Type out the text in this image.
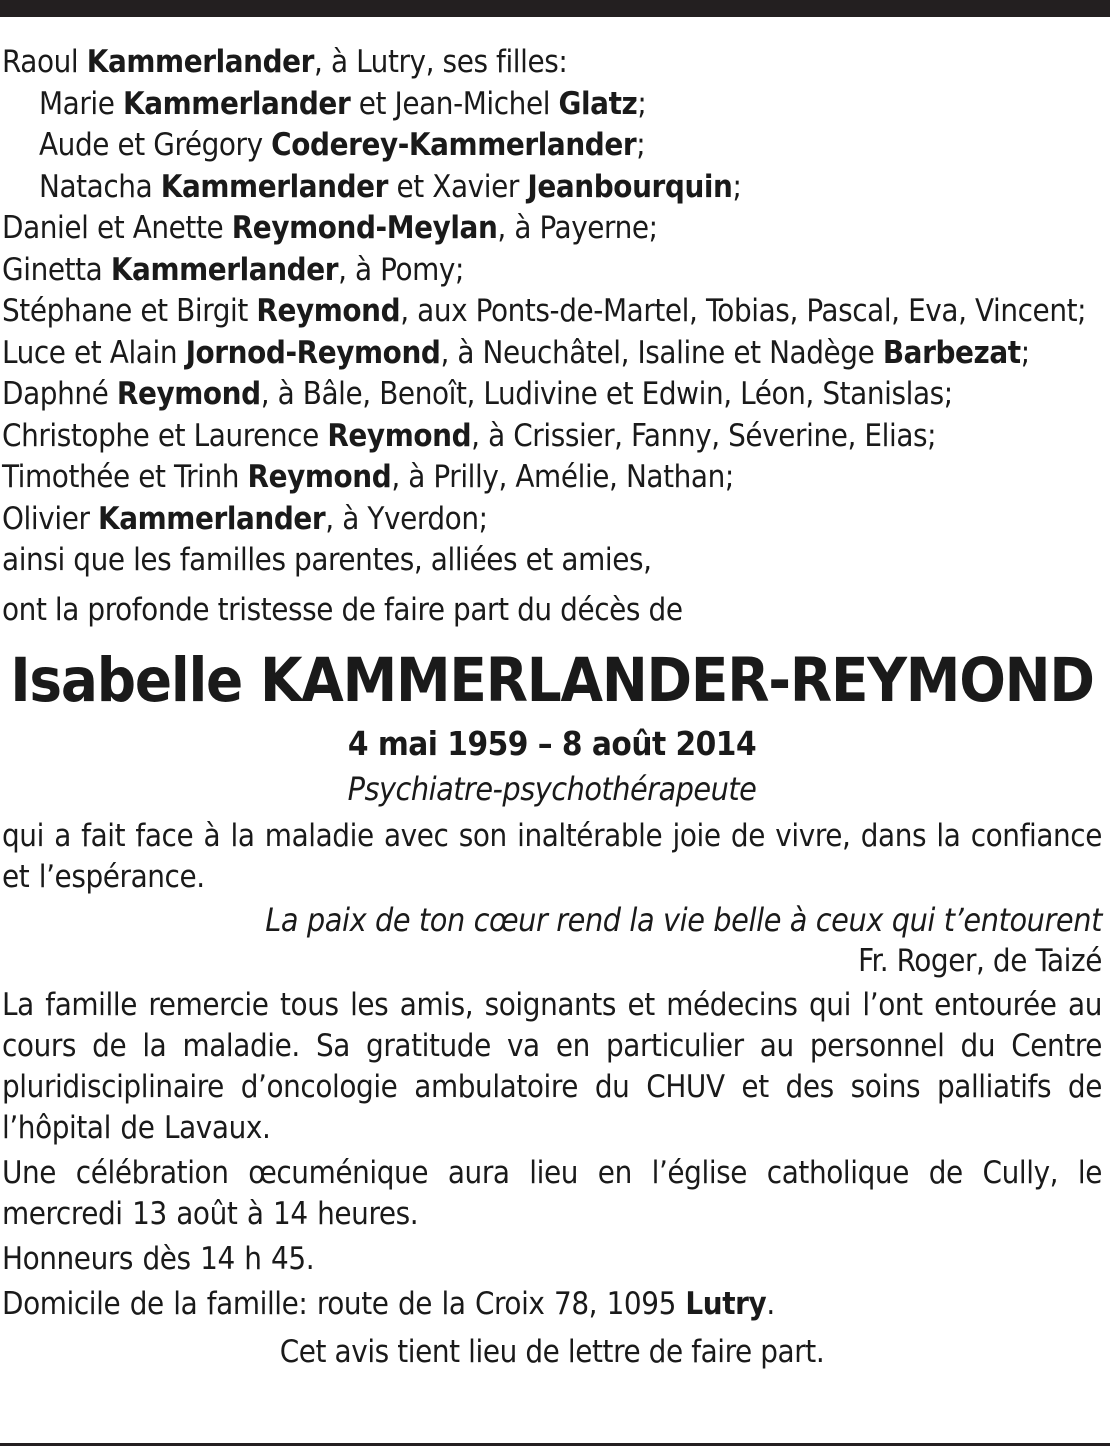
Raoul Kammerlander, à Lutry, ses filles:
Marie Kammerlander et Jean-Michel Glatz;
Aude et Grégory Coderey-Kammerlander;
Natacha Kammerlander et Xavier Jeanbourquin;
Daniel et Anette Reymond-Meylan, à Payerne;
Ginetta Kammerlander, à Pomy;
Stéphane et Birgit Reymond, aux Ponts-de-Martel, Tobias, Pascal, Eva, Vincent;
Luce et Alain Jornod-Reymond, à Neuchâtel, Isaline et Nadège Barbezat;
Daphné Reymond, à Bâle, Benoît, Ludivine et Edwin, Léon, Stanislas;
Christophe et Laurence Reymond, à Crissier, Fanny, Séverine, Elias;
Timothée et Trinh Reymond, à Prilly, Amélie, Nathan;
Olivier Kammerlander, à Yverdon;
ainsi que les familles parentes, alliées et amies,
ont la profonde tristesse de faire part du décès de
Isabelle KAMMERLANDER-REYMOND
4 mai 1959 – 8 août 2014
Psychiatre-psychothérapeute
qui a fait face à la maladie avec son inaltérable joie de vivre, dans la confiance et l’espérance.
La paix de ton cœur rend la vie belle à ceux qui t’entourent
Fr. Roger, de Taizé
La famille remercie tous les amis, soignants et médecins qui l’ont entourée au cours de la maladie. Sa gratitude va en particulier au personnel du Centre pluridisciplinaire d’oncologie ambulatoire du CHUV et des soins palliatifs de l’hôpital de Lavaux.
Une célébration œcuménique aura lieu en l’église catholique de Cully, le mercredi 13 août à 14 heures.
Honneurs dès 14 h 45.
Domicile de la famille: route de la Croix 78, 1095 Lutry.
Cet avis tient lieu de lettre de faire part.
